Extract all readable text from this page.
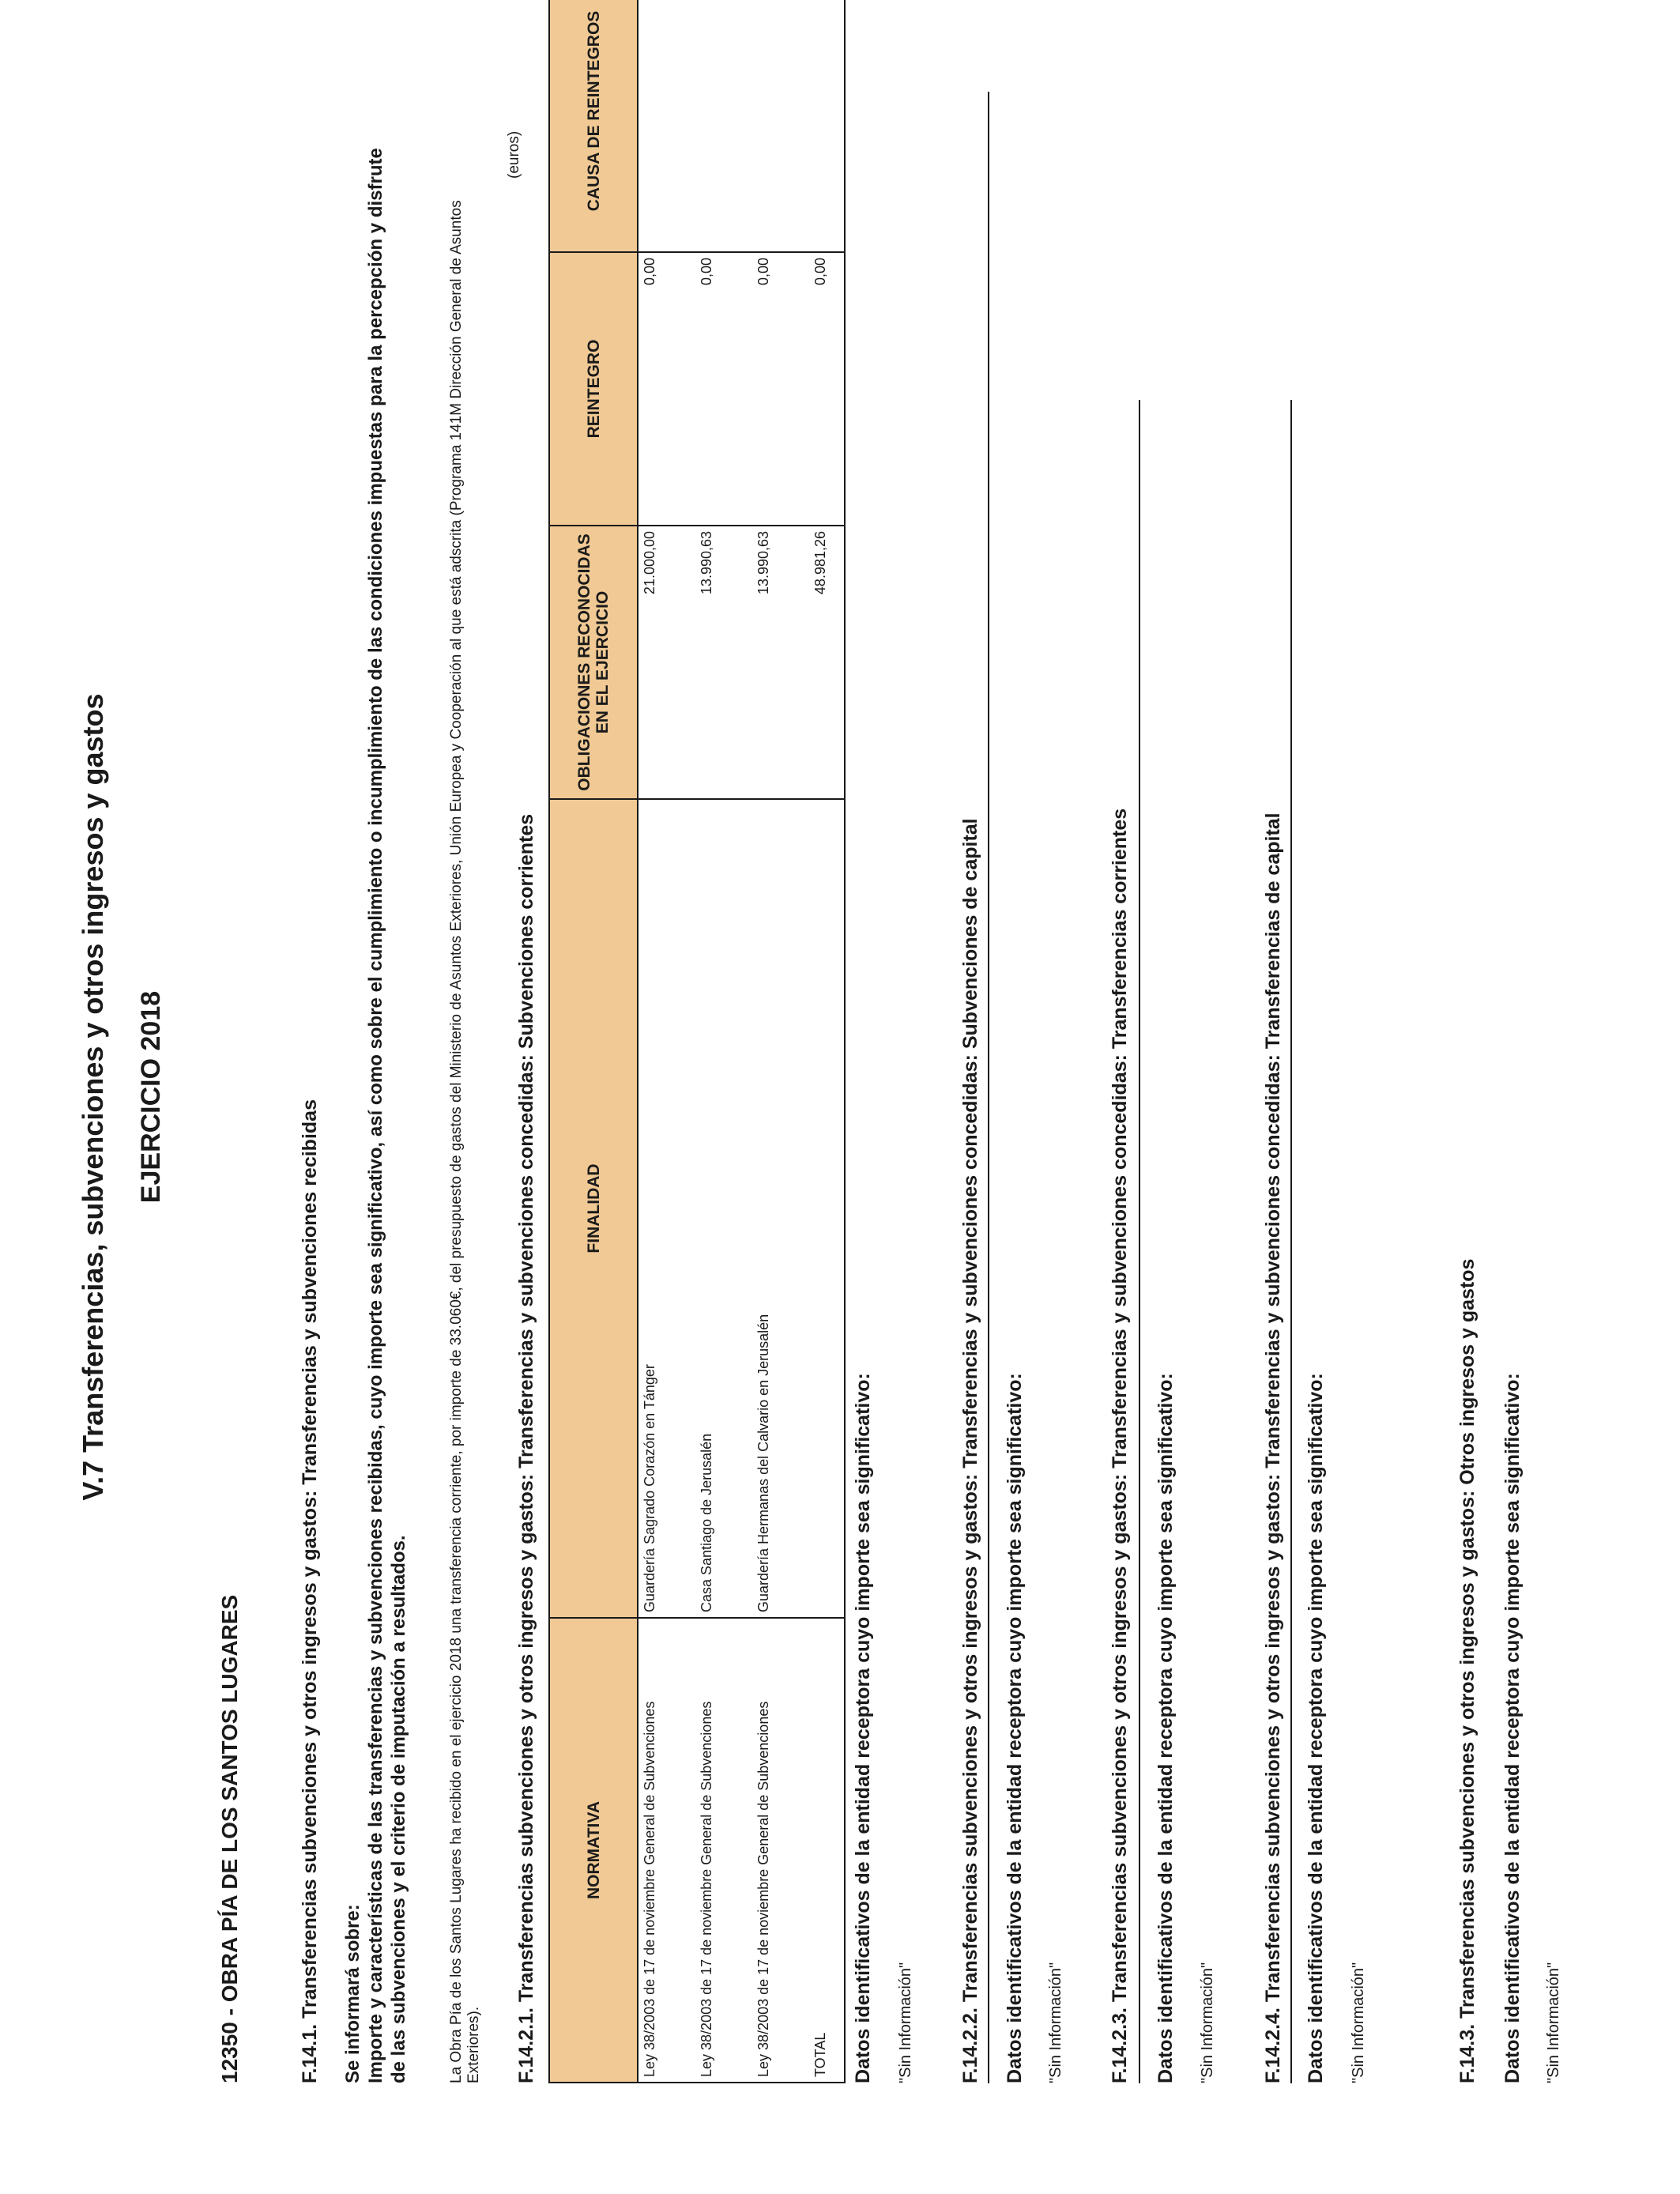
V.7 Transferencias, subvenciones y otros ingresos y gastos EJERCICIO 2018
12350 - OBRA PÍA DE LOS SANTOS LUGARES	F.14.1. Transferencias subvenciones y otros ingresos y gastos: Transferencias y subvenciones recibidas Se informará sobre: Importe y características de las transferencias y subvenciones recibidas, cuyo importe sea significativo, así como sobre el cumplimiento o incumplimiento de las condiciones impuestas para la percepción y disfrute de las subvenciones y el criterio de imputación a resultados.	La Obra Pía de los Santos Lugares ha recibido en el ejercicio 2018 una transferencia corriente, por importe de 33.060€, del presupuesto de gastos del Ministerio de Asuntos Exteriores, Unión Europea y Cooperación al que está adscrita (Programa 141M Dirección General de Asuntos Exteriores). F.14.2.1. Transferencias subvenciones y otros ingresos y gastos: Transferencias y subvenciones concedidas: Subvenciones corrientes
(euros)
NORMATIVA	FINALIDAD	OBLIGACIONES RECONOCIDAS EN EL EJERCICIO	REINTEGRO	CAUSA DE REINTEGROS
Ley 38/2003 de 17 de noviembre General de Subvenciones	Guardería Sagrado Corazón en Tánger	21.000,00	0,00	
Ley 38/2003 de 17 de noviembre General de Subvenciones	Casa Santiago de Jerusalén	13.990,63	0,00	
Ley 38/2003 de 17 de noviembre General de Subvenciones	Guardería Hermanas del Calvario en Jerusalén	13.990,63	0,00	
TOTAL		48.981,26	0,00	
Datos identificativos de la entidad receptora cuyo importe sea significativo: "Sin Información" F.14.2.2. Transferencias subvenciones y otros ingresos y gastos: Transferencias y subvenciones concedidas: Subvenciones de capital Datos identificativos de la entidad receptora cuyo importe sea significativo: "Sin Información" F.14.2.3. Transferencias subvenciones y otros ingresos y gastos: Transferencias y subvenciones concedidas: Transferencias corrientes Datos identificativos de la entidad receptora cuyo importe sea significativo: "Sin Información" F.14.2.4. Transferencias subvenciones y otros ingresos y gastos: Transferencias y subvenciones concedidas: Transferencias de capital Datos identificativos de la entidad receptora cuyo importe sea significativo: "Sin Información"	F.14.3. Transferencias subvenciones y otros ingresos y gastos: Otros ingresos y gastos Datos identificativos de la entidad receptora cuyo importe sea significativo: "Sin Información"
